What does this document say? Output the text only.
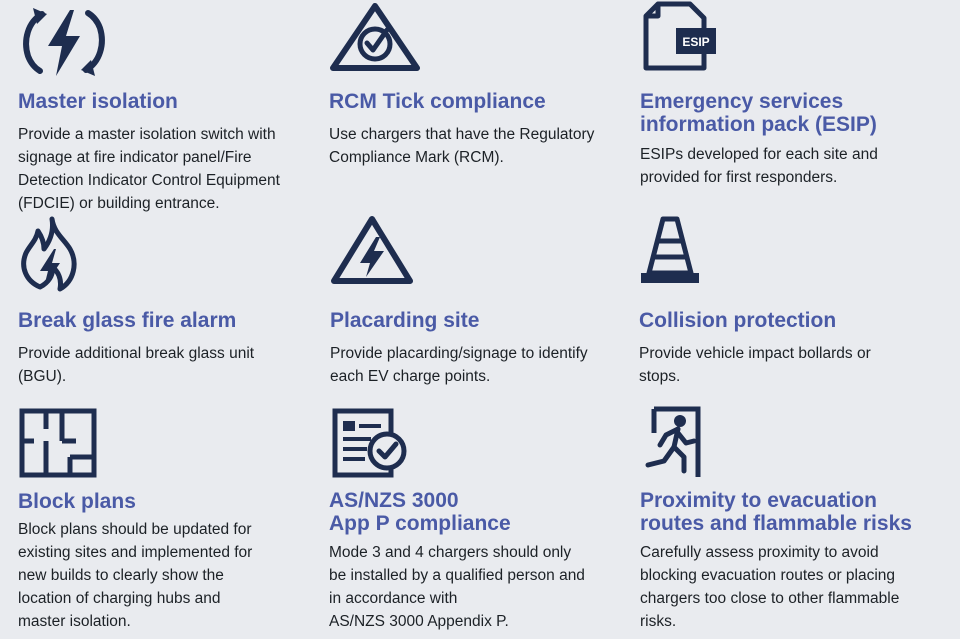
Master isolation

Provide a master isolation switch with
signage at fire indicator panel/Fire
Detection Indicator Control Equipment
(FDCIE) or building entrance.

RCM Tick compliance

Use chargers that have the Regulatory
Compliance Mark (RCM).

ESIP
Emergency services
information pack (ESIP)

ESIPs developed for each site and
provided for first responders.

Break glass fire alarm

Provide additional break glass unit
(BGU).

Placarding site

Provide placarding/signage to identify
each EV charge points.

Collision protection

Provide vehicle impact bollards or
stops.

Block plans

Block plans should be updated for
existing sites and implemented for
new builds to clearly show the
location of charging hubs and
master isolation.

AS/NZS 3000
App P compliance

Mode 3 and 4 chargers should only
be installed by a qualified person and
in accordance with
AS/NZS 3000 Appendix P.

Proximity to evacuation
routes and flammable risks

Carefully assess proximity to avoid
blocking evacuation routes or placing
chargers too close to other flammable
risks.
